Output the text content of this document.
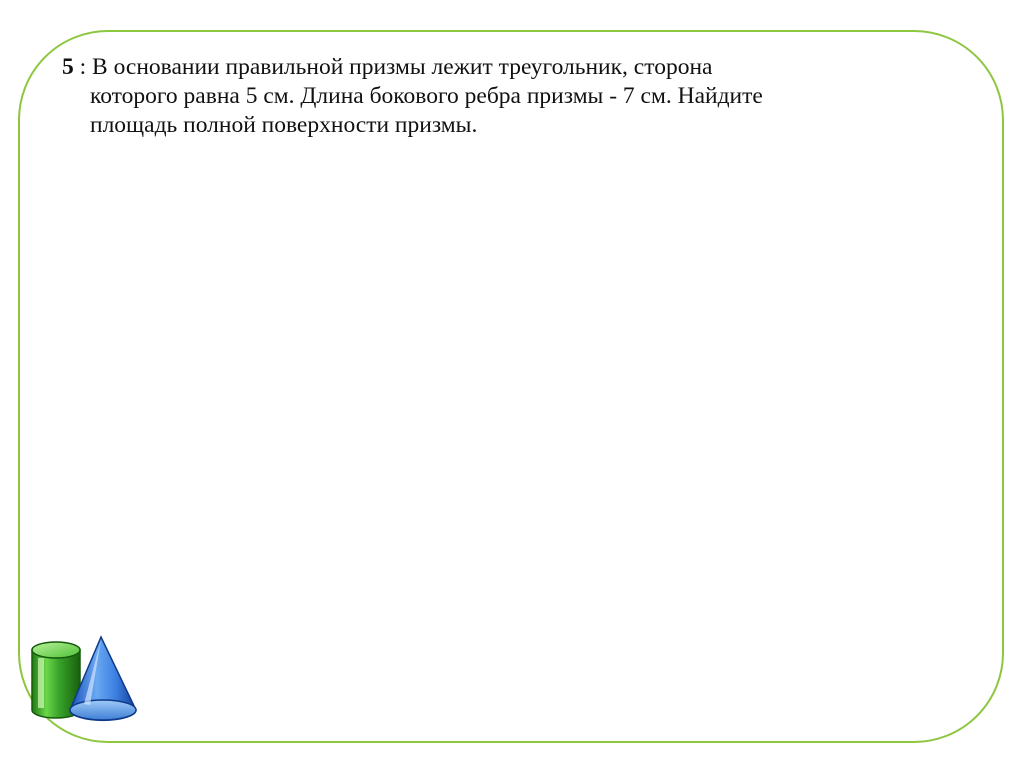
5 : В основании правильной призмы лежит треугольник, сторона
которого равна 5 см. Длина бокового ребра призмы - 7 см. Найдите
площадь полной поверхности призмы.
